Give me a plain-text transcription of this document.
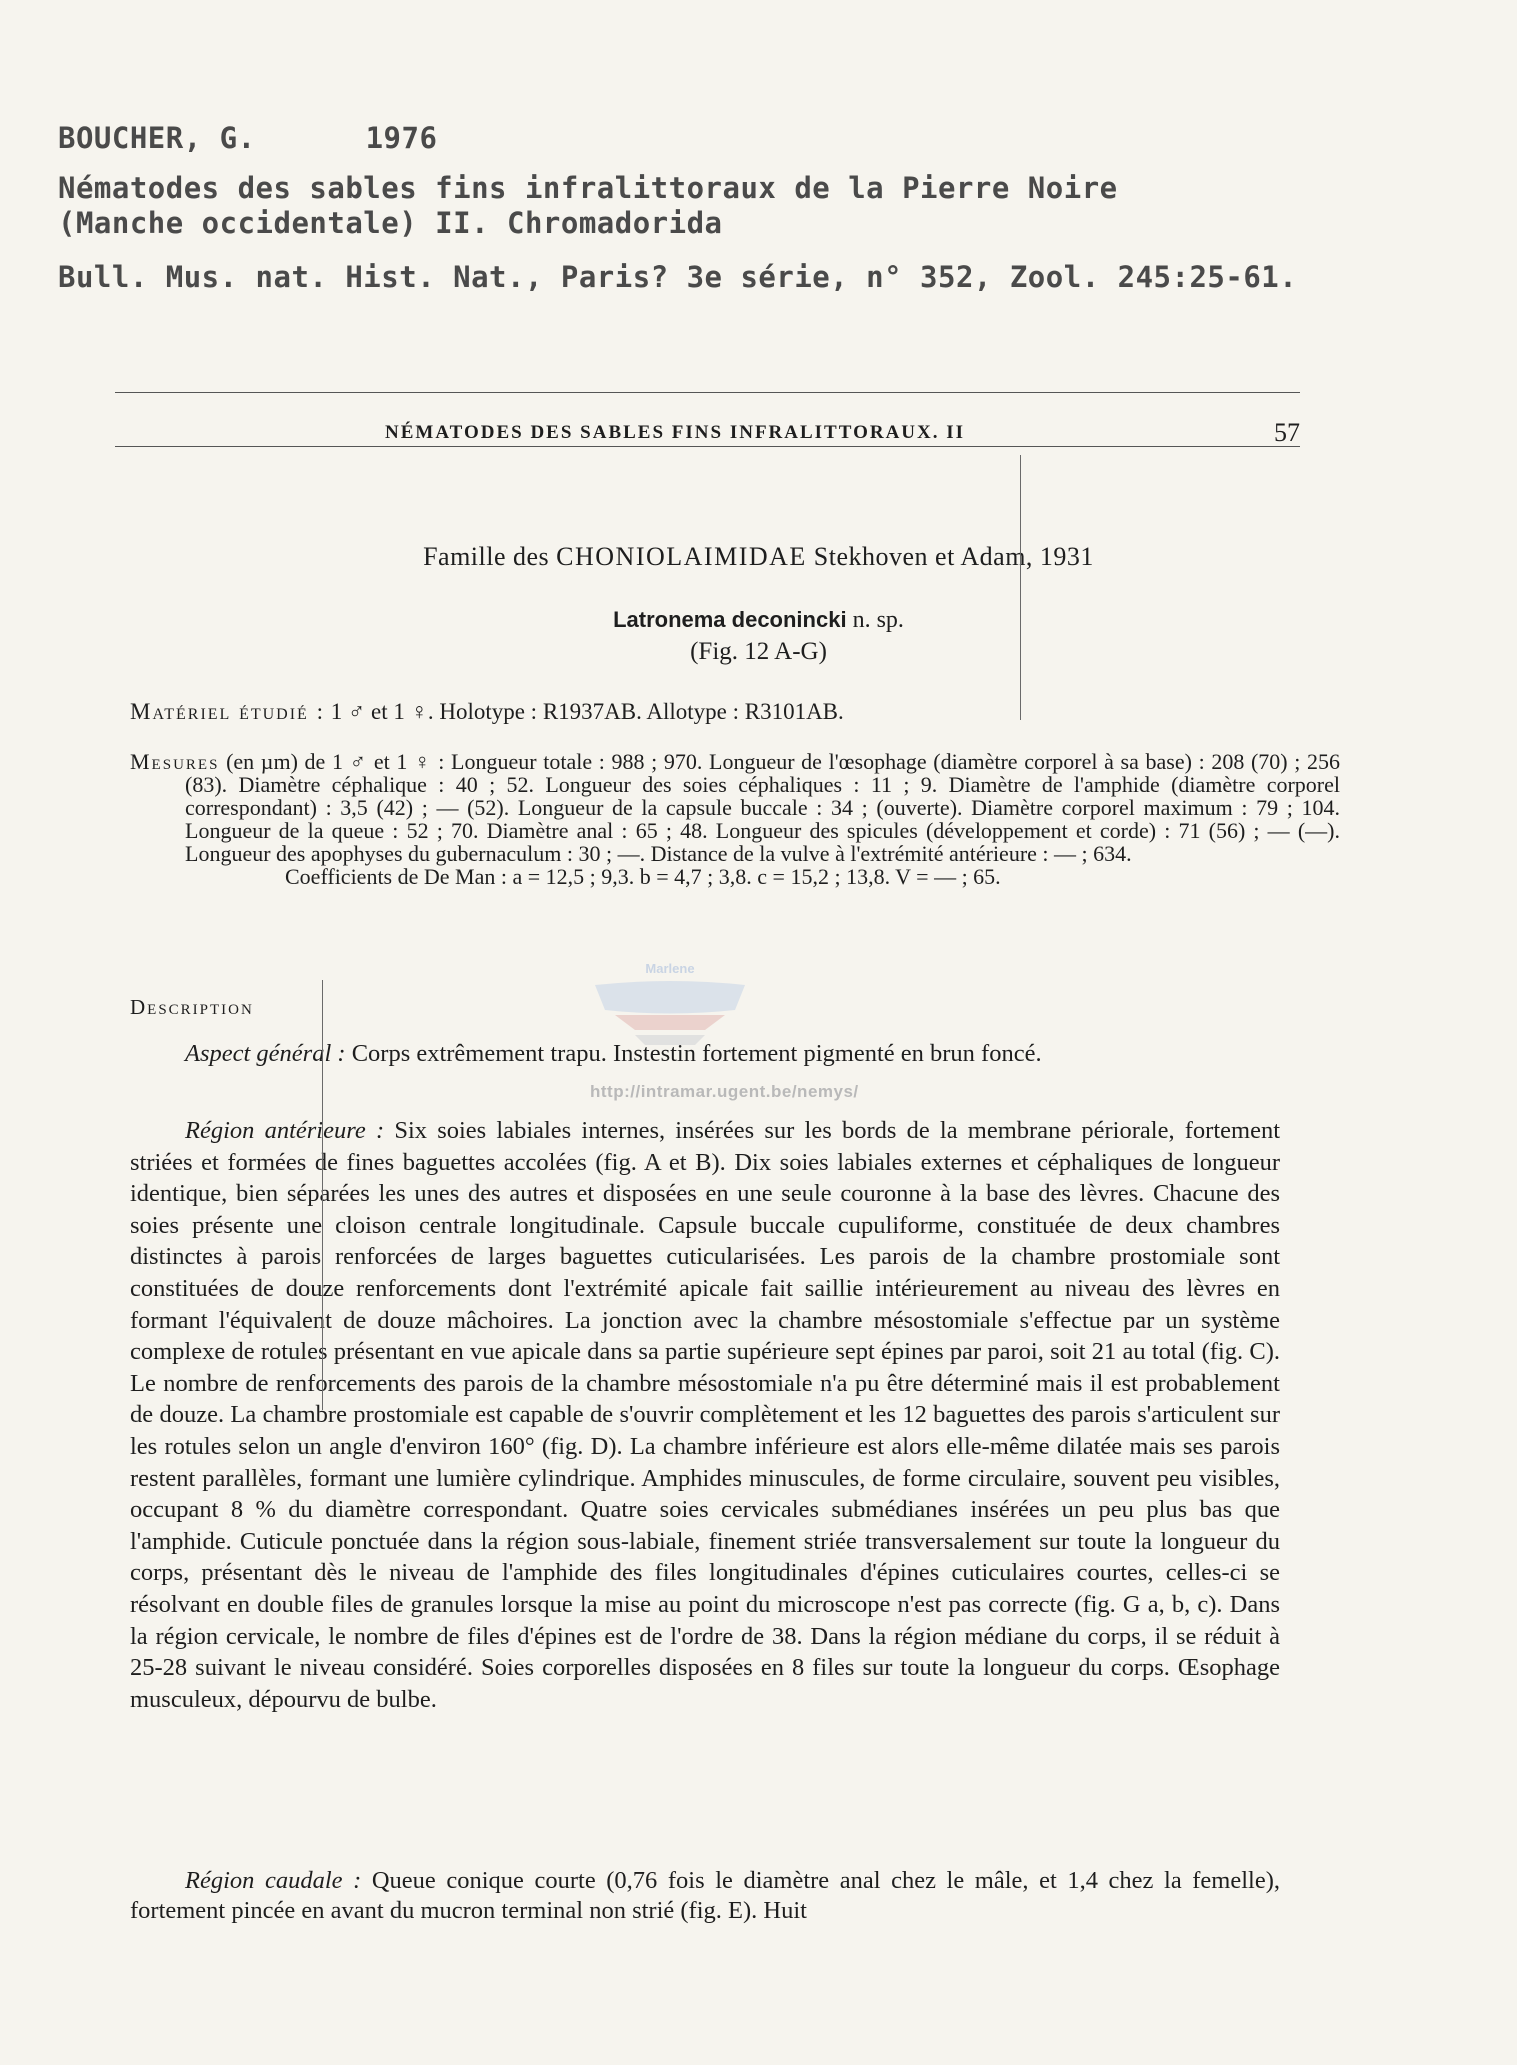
BOUCHER, G.	1976
Nématodes des sables fins infralittoraux de la Pierre Noire
(Manche occidentale) II. Chromadorida
Bull. Mus. nat. Hist. Nat., Paris? 3e série, n° 352, Zool. 245:25-61.
NÉMATODES DES SABLES FINS INFRALITTORAUX. II	57
Famille des CHONIOLAIMIDAE Stekhoven et Adam, 1931
Latronema deconincki n. sp.
(Fig. 12 A-G)
Matériel étudié : 1 ♂ et 1 ♀. Holotype : R1937AB. Allotype : R3101AB.
Mesures (en µm) de 1 ♂ et 1 ♀ : Longueur totale : 988 ; 970. Longueur de l'œsophage (diamètre corporel à sa base) : 208 (70) ; 256 (83). Diamètre céphalique : 40 ; 52. Longueur des soies céphaliques : 11 ; 9. Diamètre de l'amphide (diamètre corporel correspondant) : 3,5 (42) ; — (52). Longueur de la capsule buccale : 34 ; (ouverte). Diamètre corporel maximum : 79 ; 104. Longueur de la queue : 52 ; 70. Diamètre anal : 65 ; 48. Longueur des spicules (développement et corde) : 71 (56) ; — (—). Longueur des apophyses du gubernaculum : 30 ; —. Distance de la vulve à l'extrémité antérieure : — ; 634.
Coefficients de De Man : a = 12,5 ; 9,3. b = 4,7 ; 3,8. c = 15,2 ; 13,8. V = — ; 65.
Description
Marlene
http://intramar.ugent.be/nemys/
Aspect général : Corps extrêmement trapu. Instestin fortement pigmenté en brun foncé.
Région antérieure : Six soies labiales internes, insérées sur les bords de la membrane périorale, fortement striées et formées de fines baguettes accolées (fig. A et B). Dix soies labiales externes et céphaliques de longueur identique, bien séparées les unes des autres et disposées en une seule couronne à la base des lèvres. Chacune des soies présente une cloison centrale longitudinale. Capsule buccale cupuliforme, constituée de deux chambres distinctes à parois renforcées de larges baguettes cuticularisées. Les parois de la chambre prostomiale sont constituées de douze renforcements dont l'extrémité apicale fait saillie intérieurement au niveau des lèvres en formant l'équivalent de douze mâchoires. La jonction avec la chambre mésostomiale s'effectue par un système complexe de rotules présentant en vue apicale dans sa partie supérieure sept épines par paroi, soit 21 au total (fig. C). Le nombre de renforcements des parois de la chambre mésostomiale n'a pu être déterminé mais il est probablement de douze. La chambre prostomiale est capable de s'ouvrir complètement et les 12 baguettes des parois s'articulent sur les rotules selon un angle d'environ 160° (fig. D). La chambre inférieure est alors elle-même dilatée mais ses parois restent parallèles, formant une lumière cylindrique. Amphides minuscules, de forme circulaire, souvent peu visibles, occupant 8 % du diamètre correspondant. Quatre soies cervicales submédianes insérées un peu plus bas que l'amphide. Cuticule ponctuée dans la région sous-labiale, finement striée transversalement sur toute la longueur du corps, présentant dès le niveau de l'amphide des files longitudinales d'épines cuticulaires courtes, celles-ci se résolvant en double files de granules lorsque la mise au point du microscope n'est pas correcte (fig. G a, b, c). Dans la région cervicale, le nombre de files d'épines est de l'ordre de 38. Dans la région médiane du corps, il se réduit à 25-28 suivant le niveau considéré. Soies corporelles disposées en 8 files sur toute la longueur du corps. Œsophage musculeux, dépourvu de bulbe.
Région caudale : Queue conique courte (0,76 fois le diamètre anal chez le mâle, et 1,4 chez la femelle), fortement pincée en avant du mucron terminal non strié (fig. E). Huit
